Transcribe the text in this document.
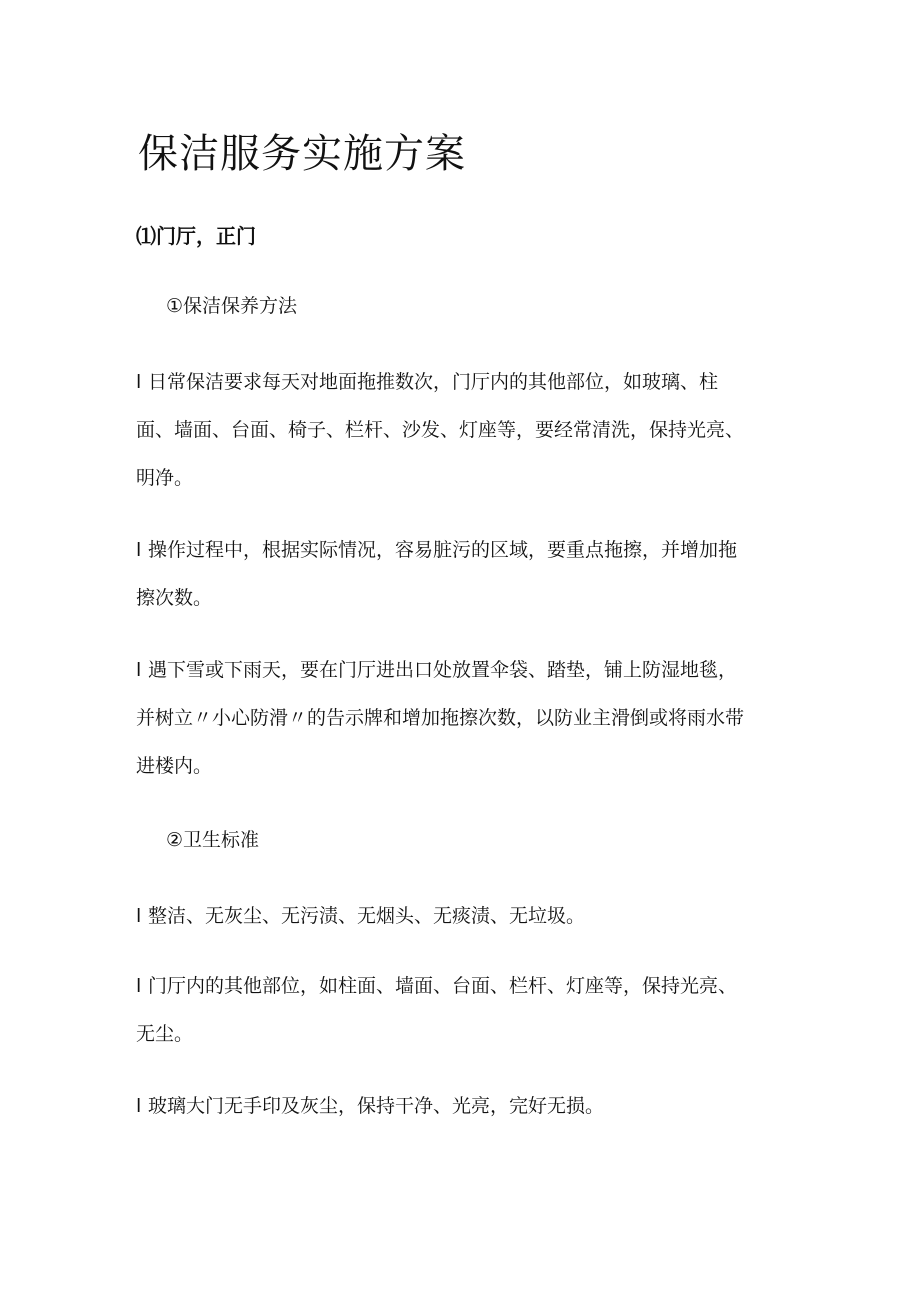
保洁服务实施方案
⑴门厅，正门
①保洁保养方法

l 日常保洁要求每天对地面拖推数次，门厅内的其他部位，如玻璃、柱
面、墙面、台面、椅子、栏杆、沙发、灯座等，要经常清洗，保持光亮、
明净。

l 操作过程中，根据实际情况，容易脏污的区域，要重点拖擦，并增加拖
擦次数。

l 遇下雪或下雨天，要在门厅进出口处放置伞袋、踏垫，铺上防湿地毯，
并树立〃小心防滑〃的告示牌和增加拖擦次数，以防业主滑倒或将雨水带
进楼内。

②卫生标准

l 整洁、无灰尘、无污渍、无烟头、无痰渍、无垃圾。

l 门厅内的其他部位，如柱面、墙面、台面、栏杆、灯座等，保持光亮、
无尘。

l 玻璃大门无手印及灰尘，保持干净、光亮，完好无损。
